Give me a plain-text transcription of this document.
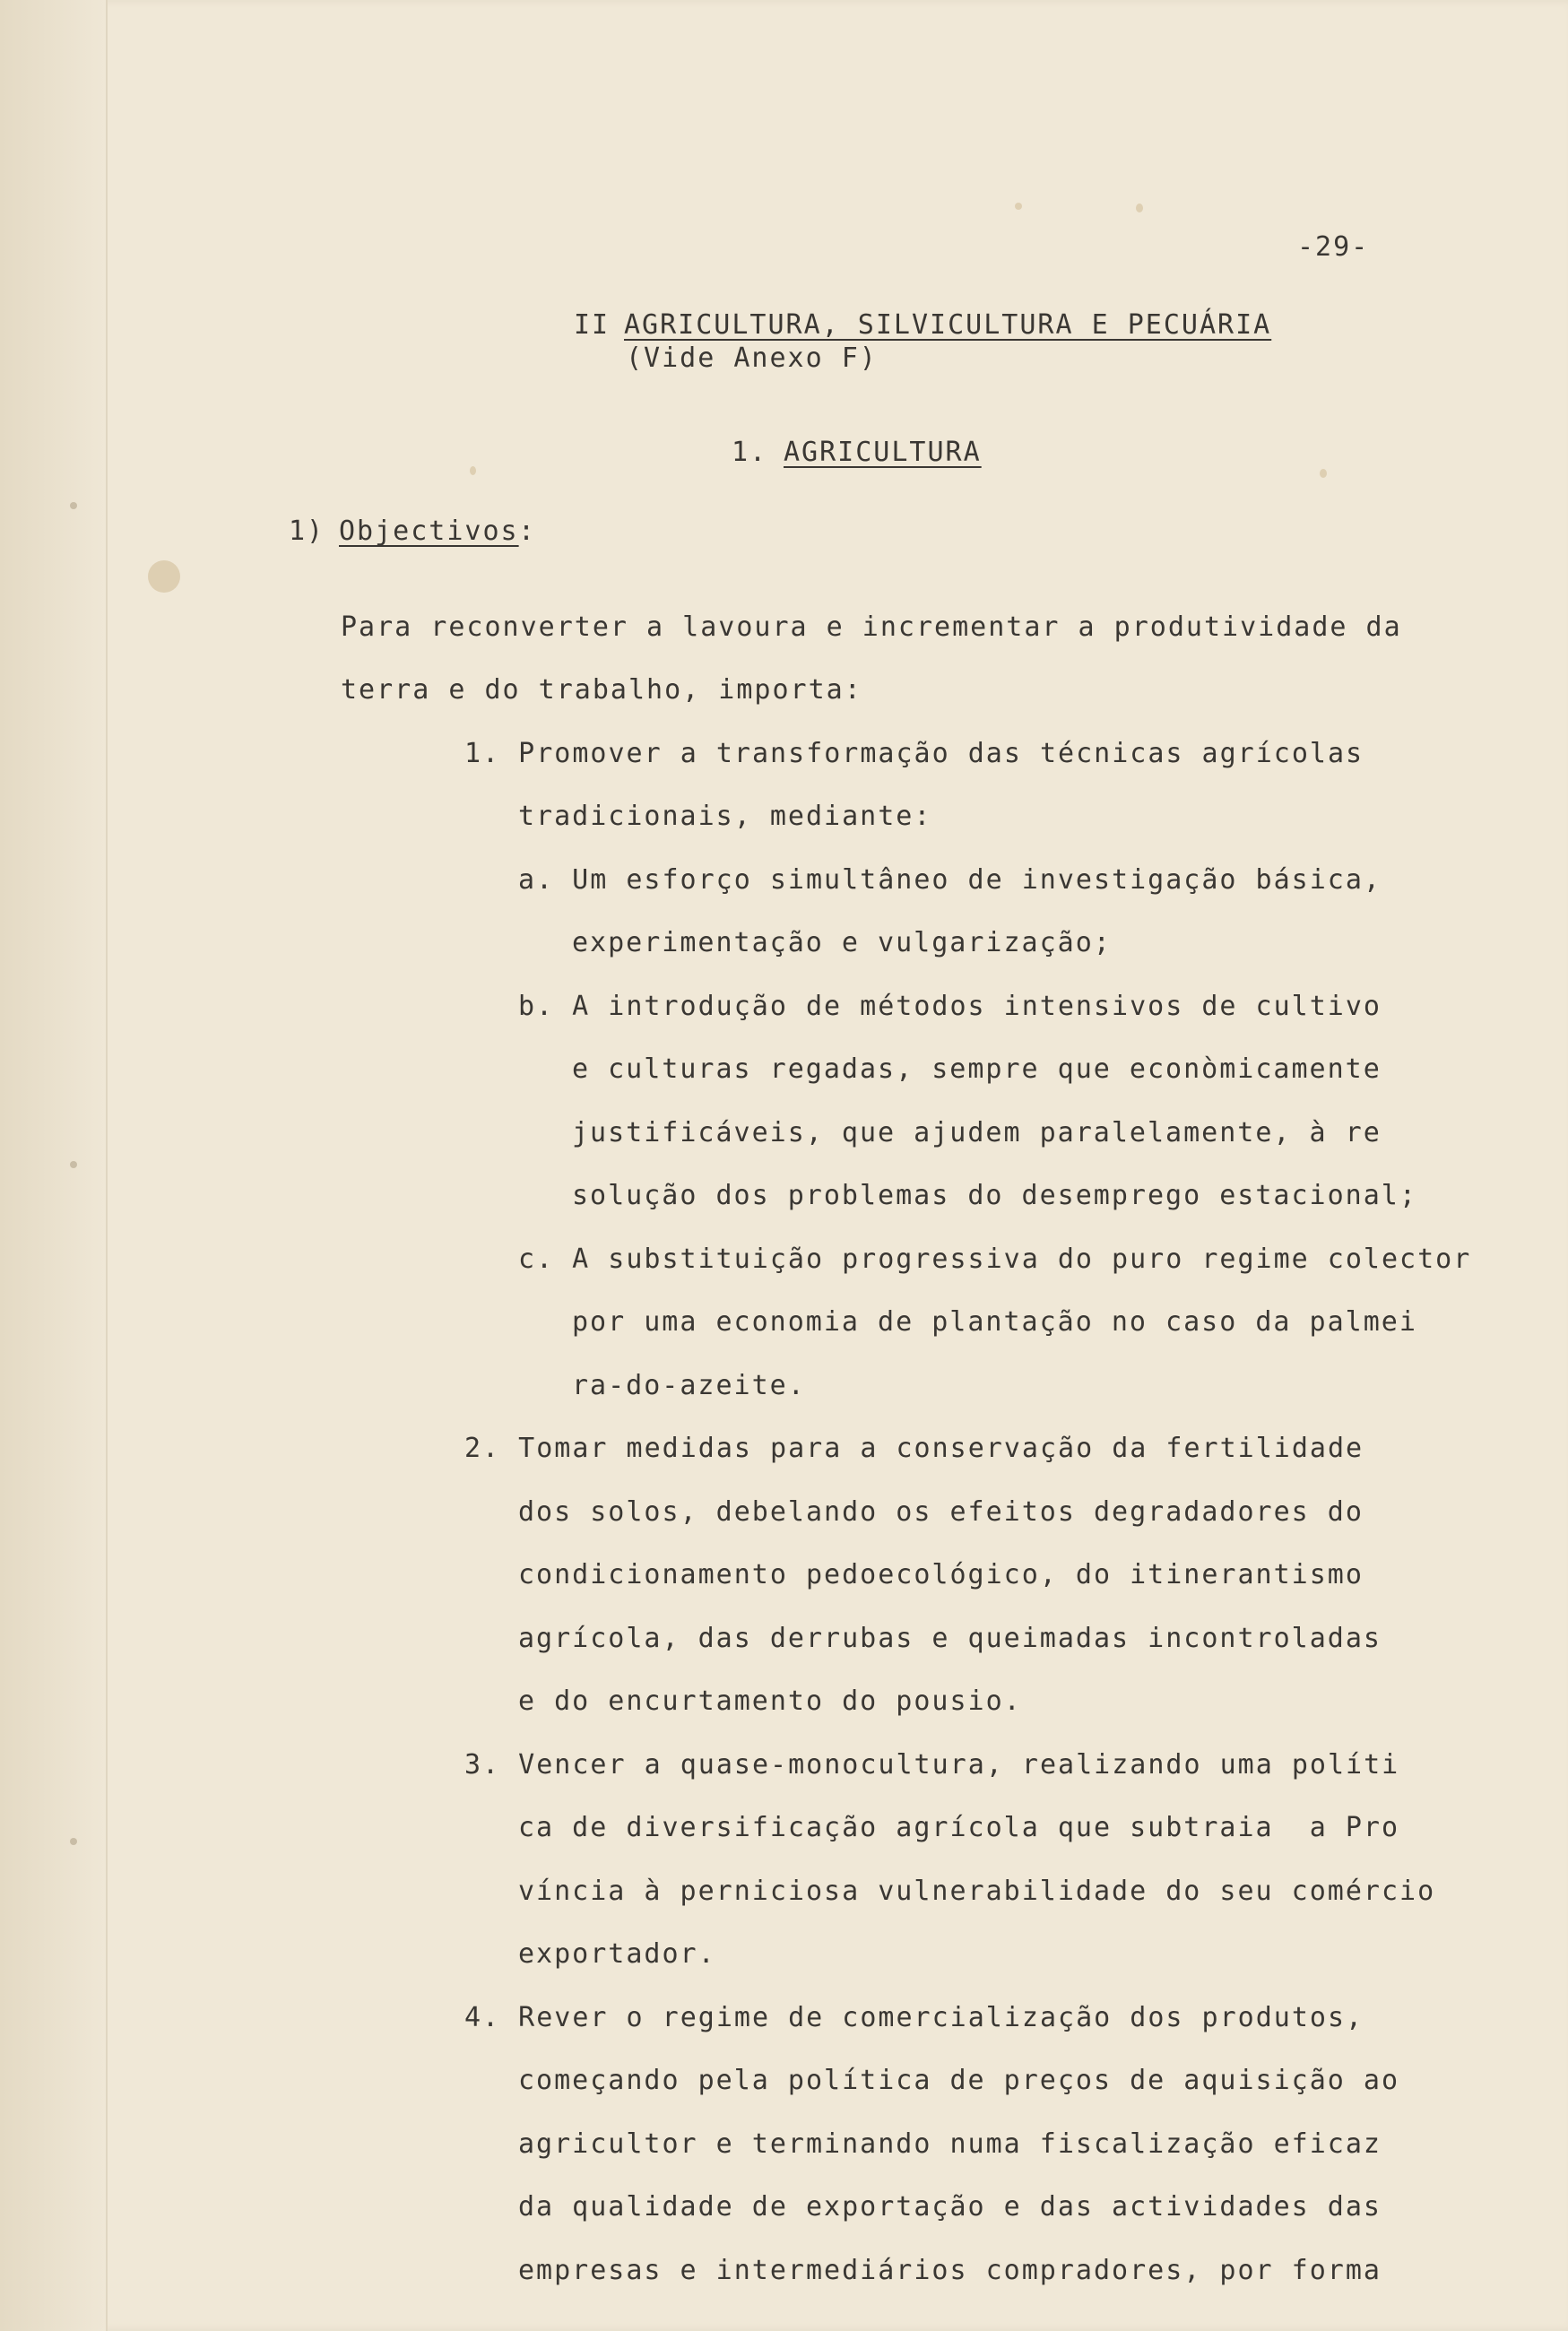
-29-
II AGRICULTURA, SILVICULTURA E PECUÁRIA
(Vide Anexo F)
1. AGRICULTURA
1) Objectivos :
Para reconverter a lavoura e incrementar a produtividade da
terra e do trabalho, importa:
1. Promover a transformação das técnicas agrícolas
tradicionais, mediante:
a. Um esforço simultâneo de investigação básica,
experimentação e vulgarização;
b. A introdução de métodos intensivos de cultivo
e culturas regadas, sempre que econòmicamente
justificáveis, que ajudem paralelamente, à re
solução dos problemas do desemprego estacional;
c. A substituição progressiva do puro regime colector
por uma economia de plantação no caso da palmei
ra-do-azeite.
2. Tomar medidas para a conservação da fertilidade
dos solos, debelando os efeitos degradadores do
condicionamento pedoecológico, do itinerantismo
agrícola, das derrubas e queimadas incontroladas
e do encurtamento do pousio.
3. Vencer a quase-monocultura, realizando uma políti
ca de diversificação agrícola que subtraia  a Pro
víncia à perniciosa vulnerabilidade do seu comércio
exportador.
4. Rever o regime de comercialização dos produtos,
começando pela política de preços de aquisição ao
agricultor e terminando numa fiscalização eficaz
da qualidade de exportação e das actividades das
empresas e intermediários compradores, por forma
